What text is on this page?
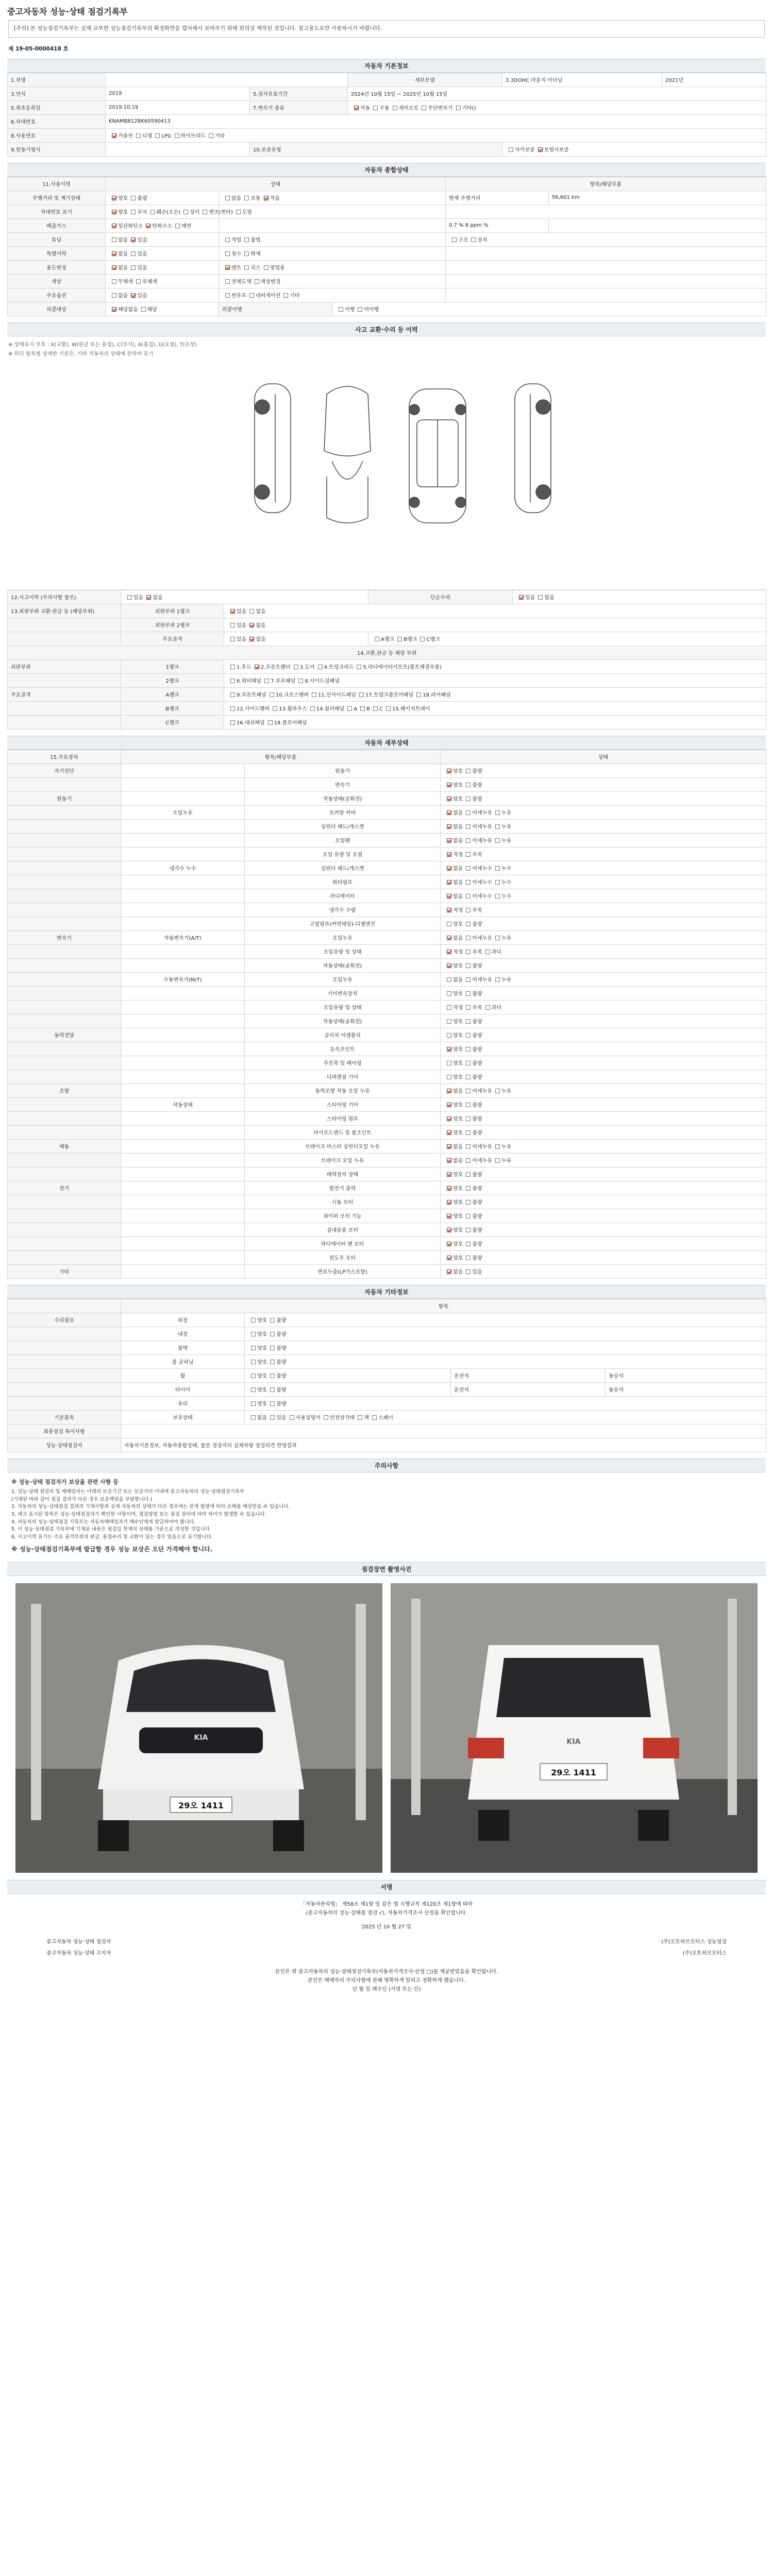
중고자동차 성능·상태 점검기록부
[주의] 본 성능점검기록부는 실제 교부한 성능점검기록부의 확정화면을 캡처해서 보여주기 위해 편의상 제작된 것입니다. 참고용도로만 사용하시기 바랍니다.
제 19-05-0000418 호
자동차 기본정보
1.차명			세부모델	3.3DOHC 라운지 이더님	2021년
3.연식	2019	5.검사유효기간	2024년 10월 15일 ~ 2025년 10월 15일		
5.최초등록일	2019.10.19	7.변속기 종류	자동 수동 세미오토 무단변속기 기타()		
6.차대번호	KNAMB812BK60590413				
8.사용연료	가솔린 디젤 LPG 하이브리드 기타				
9.원동기형식		10.보증유형		자가보증 보험사보증	
자동차 종합상태
11.사용이력	상태			항목/해당부품	
주행거리 및 계기상태	양호 불량	많음 보통 적음		현재 주행거리	56,601 km
차대번호 표기	양호 부식 훼손(오손) 상이 변조(변타) 도말				
배출가스	일산화탄소 탄화수소 매연			0.7 % 8 ppm %	
튜닝	없음 있음	적법 불법		구조 장치	
특별이력	없음 있음	침수 화재			
용도변경	없음 있음	렌트 리스 영업용			
색상	무채색 유채색	전체도색 색상변경			
주요옵션	없음 있음	썬루프 네비게이션 기타			
리콜대상	해당없음 해당	리콜이행	이행 미이행		
사고 교환·수리 등 이력
※ 상태표시 부호 : X(교환), W(판금 또는 용접), C(부식), A(흠집), U(요철), T(손상)
※ 하단 항목별 상세한 기준은, 기타 자동차의 상태에 준하여 표기
12.사고이력 (주의사항 참조)	있음 없음		단순수리	있음 없음
13.외판부위 교환·판금 등 (해당부위)	외판부위 1랭크	있음 없음		
	외판부위 2랭크	있음 없음		
	주요골격	있음 없음	A랭크 B랭크 C랭크	
14.교환,판금 등 해당 부위				
외판부위	1랭크	1.후드 2.프론트펜더 3.도어 4.트렁크리드 5.라디에이터서포트(볼트체결부품)		
	2랭크	6.쿼터패널 7.루프패널 8.사이드실패널		
주요골격	A랭크	9.프론트패널 10.크로스멤버 11.인사이드패널 17.트렁크플로어패널 18.리어패널		
	B랭크	12.사이드멤버 13.휠하우스 14.필러패널 A B C 15.패키지트레이		
	C랭크	16.대쉬패널 19.플로어패널		
자동차 세부상태
15.주요장치	항목/해당부품		상태
자기진단		원동기	양호 불량
		변속기	양호 불량
원동기		작동상태(공회전)	양호 불량
	오일누유	로커암 커버	없음 미세누유 누유
		실린더 헤드/개스켓	없음 미세누유 누유
		오일팬	없음 미세누유 누유
		오일 유량 및 오염	적정 부족
	냉각수 누수	실린더 헤드/개스켓	없음 미세누수 누수
		워터펌프	없음 미세누수 누수
		라디에이터	없음 미세누수 누수
		냉각수 수량	적정 부족
		고압펌프(커먼레일)-디젤엔진	양호 불량
변속기	자동변속기(A/T)	오일누유	없음 미세누유 누유
		오일유량 및 상태	적정 부족 과다
		작동상태(공회전)	양호 불량
	수동변속기(M/T)	오일누유	없음 미세누유 누유
		기어변속장치	양호 불량
		오일유량 및 상태	적정 부족 과다
		작동상태(공회전)	양호 불량
동력전달		클러치 어셈블리	양호 불량
		등속조인트	양호 불량
		추진축 및 베어링	양호 불량
		디퍼렌셜 기어	양호 불량
조향		동력조향 작동 오일 누유	없음 미세누유 누유
	작동상태	스티어링 기어	양호 불량
		스티어링 펌프	양호 불량
		타이로드엔드 및 볼조인트	양호 불량
제동		브레이크 마스터 실린더오일 누유	없음 미세누유 누유
		브레이크 오일 누유	없음 미세누유 누유
		배력장치 상태	양호 불량
전기		발전기 출력	양호 불량
		시동 모터	양호 불량
		와이퍼 모터 기능	양호 불량
		실내송풍 모터	양호 불량
		라디에이터 팬 모터	양호 불량
		윈도우 모터	양호 불량
기타		연료누출(LP가스포함)	없음 있음
자동차 기타정보
	항목			
수리필요	외장	양호 불량		
	내장	양호 불량		
	광택	양호 불량		
	룸 클리닝	양호 불량		
	휠	양호 불량	운전석	동승석
	타이어	양호 불량	운전석	동승석
	유리	양호 불량		
기본품목	보유상태	없음 있음 사용설명서 안전삼각대 잭 스패너		
최종점검 특이사항				
성능·상태점검자	자동차기본정보, 자동차종합상태, 물론 점검자의 실제차량 점검의견 반영결과			
주의사항
※ 성능·상태 점검자가 보상을 관련 사항 등
1. 성능·상태 점검자 및 매매업자는 아래의 보증기간 또는 보증거리 이내에 중고자동차의 성능·상태점검기록부
(기재된 바와 같이 점검 결과가 다른 경우 보증책임을 부담합니다.)
2. 자동차의 성능·상태점검 결과의 기재사항과 실제 자동차의 상태가 다른 경우에는 관계 법령에 따라 손해를 배상받을 수 있습니다.
3. 체크 표시된 항목은 성능·상태점검자가 확인한 사항이며, 점검방법 또는 점검 장비에 따라 차이가 발생할 수 있습니다.
4. 자동차의 성능·상태점검 기록부는 자동차매매업자가 매수인에게 발급하여야 합니다.
5. 이 성능·상태점검 기록부에 기재된 내용은 점검일 현재의 상태를 기준으로 작성한 것입니다.
6. 사고이력 표기는 주요 골격부위의 판금, 용접수리 및 교환이 있는 경우 있음으로 표기합니다.
※ 성능·상태점검기록부에 발급할 경우 성능 보상은 오단 가격해야 합니다.
점검장면 촬영사진
29오 1411
KIA
29오 1411
KIA
서명
「자동차관리법」 제58조 제1항 및 같은 법 시행규칙 제120조 제1항에 따라
(중고자동차의 성능·상태를 점검 √), 자동차가격조사 산정을 확인합니다.
2025 년 10 월 27 일
중고자동차 성능·상태 점검자	(주)오토허브모터스 성능점검
중고자동차 성능·상태 고지자	(주)오토허브모터스
본인은 위 중고자동차의 성능·상태점검기록부(자동차가격조사·산정 □)를 제공받았음을 확인합니다.
본인은 매매자의 주의사항에 관해 명확하게 알리고 정확하게 했습니다.
년 월 일 매수인 (서명 또는 인)
